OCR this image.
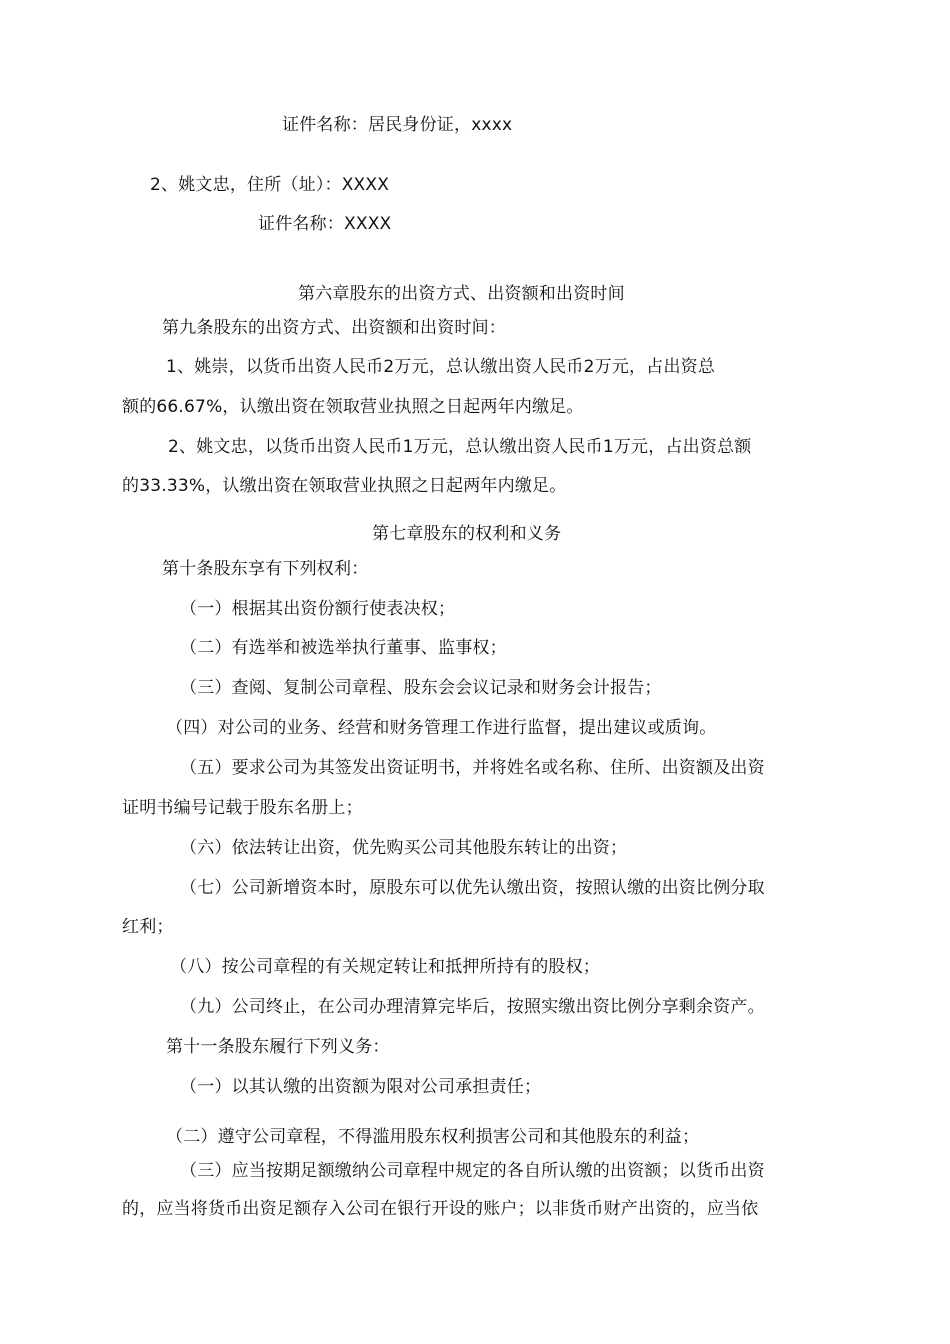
证件名称：居民身份证，xxxx

2、姚文忠，住所（址）：XXXX

证件名称：XXXX

第六章股东的出资方式、出资额和出资时间

第九条股东的出资方式、出资额和出资时间：

1、姚崇，以货币出资人民币2万元，总认缴出资人民币2万元，占出资总

额的66.67%，认缴出资在领取营业执照之日起两年内缴足。

2、姚文忠，以货币出资人民币1万元，总认缴出资人民币1万元，占出资总额

的33.33%，认缴出资在领取营业执照之日起两年内缴足。

第七章股东的权利和义务

第十条股东享有下列权利：

（一）根据其出资份额行使表决权；

（二）有选举和被选举执行董事、监事权；

（三）查阅、复制公司章程、股东会会议记录和财务会计报告；

（四）对公司的业务、经营和财务管理工作进行监督，提出建议或质询。

（五）要求公司为其签发出资证明书，并将姓名或名称、住所、出资额及出资

证明书编号记载于股东名册上；

（六）依法转让出资，优先购买公司其他股东转让的出资；

（七）公司新增资本时，原股东可以优先认缴出资，按照认缴的出资比例分取

红利；

（八）按公司章程的有关规定转让和抵押所持有的股权；

（九）公司终止，在公司办理清算完毕后，按照实缴出资比例分享剩余资产。

第十一条股东履行下列义务：

（一）以其认缴的出资额为限对公司承担责任；

（二）遵守公司章程，不得滥用股东权利损害公司和其他股东的利益；

（三）应当按期足额缴纳公司章程中规定的各自所认缴的出资额；以货币出资

的，应当将货币出资足额存入公司在银行开设的账户；以非货币财产出资的，应当依
